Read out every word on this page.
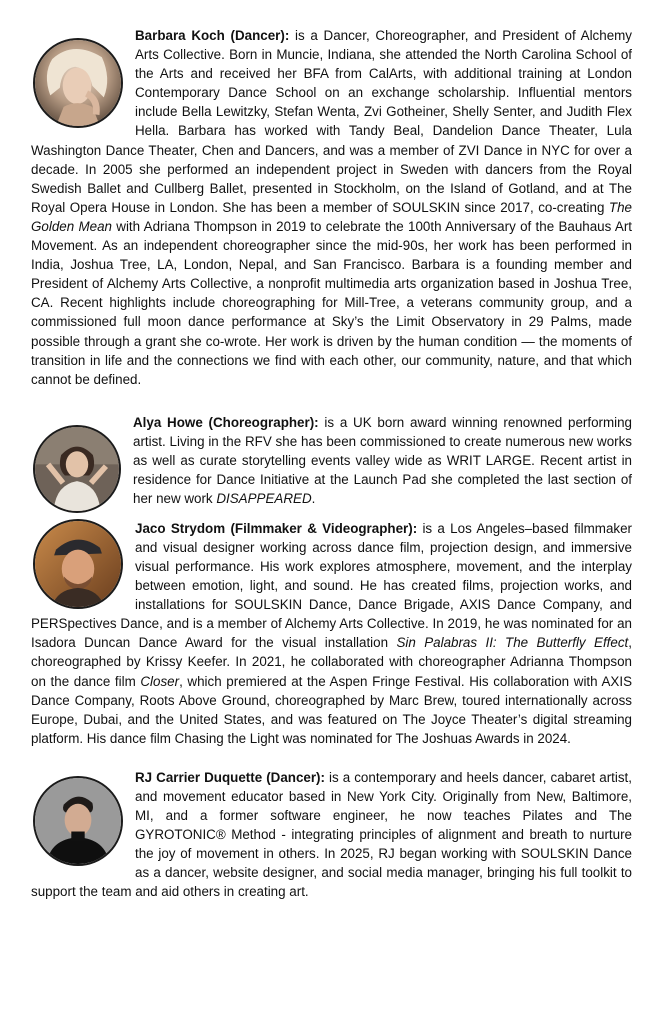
Barbara Koch (Dancer): is a Dancer, Choreographer, and President of Alchemy Arts Collective. Born in Muncie, Indiana, she attended the North Carolina School of the Arts and received her BFA from CalArts, with additional training at London Contemporary Dance School on an exchange scholarship. Influential mentors include Bella Lewitzky, Stefan Wenta, Zvi Gotheiner, Shelly Senter, and Judith Flex Hella. Barbara has worked with Tandy Beal, Dandelion Dance Theater, Lula Washington Dance Theater, Chen and Dancers, and was a member of ZVI Dance in NYC for over a decade. In 2005 she performed an independent project in Sweden with dancers from the Royal Swedish Ballet and Cullberg Ballet, presented in Stockholm, on the Island of Gotland, and at The Royal Opera House in London. She has been a member of SOULSKIN since 2017, co-creating The Golden Mean with Adriana Thompson in 2019 to celebrate the 100th Anniversary of the Bauhaus Art Movement. As an independent choreographer since the mid-90s, her work has been performed in India, Joshua Tree, LA, London, Nepal, and San Francisco. Barbara is a founding member and President of Alchemy Arts Collective, a nonprofit multimedia arts organization based in Joshua Tree, CA. Recent highlights include choreographing for Mill-Tree, a veterans community group, and a commissioned full moon dance performance at Sky’s the Limit Observatory in 29 Palms, made possible through a grant she co-wrote. Her work is driven by the human condition — the moments of transition in life and the connections we find with each other, our community, nature, and that which cannot be defined.

Alya Howe (Choreographer): is a UK born award winning renowned performing artist. Living in the RFV she has been commissioned to create numerous new works as well as curate storytelling events valley wide as WRIT LARGE. Recent artist in residence for Dance Initiative at the Launch Pad she completed the last section of her new work DISAPPEARED.

Jaco Strydom (Filmmaker & Videographer): is a Los Angeles–based filmmaker and visual designer working across dance film, projection design, and immersive visual performance. His work explores atmosphere, movement, and the interplay between emotion, light, and sound. He has created films, projection works, and installations for SOULSKIN Dance, Dance Brigade, AXIS Dance Company, and PERSpectives Dance, and is a member of Alchemy Arts Collective. In 2019, he was nominated for an Isadora Duncan Dance Award for the visual installation Sin Palabras II: The Butterfly Effect, choreographed by Krissy Keefer. In 2021, he collaborated with choreographer Adrianna Thompson on the dance film Closer, which premiered at the Aspen Fringe Festival. His collaboration with AXIS Dance Company, Roots Above Ground, choreographed by Marc Brew, toured internationally across Europe, Dubai, and the United States, and was featured on The Joyce Theater’s digital streaming platform. His dance film Chasing the Light was nominated for The Joshuas Awards in 2024.

RJ Carrier Duquette (Dancer): is a contemporary and heels dancer, cabaret artist, and movement educator based in New York City. Originally from New, Baltimore, MI, and a former software engineer, he now teaches Pilates and The GYROTONIC® Method - integrating principles of alignment and breath to nurture the joy of movement in others. In 2025, RJ began working with SOULSKIN Dance as a dancer, website designer, and social media manager, bringing his full toolkit to support the team and aid others in creating art.
